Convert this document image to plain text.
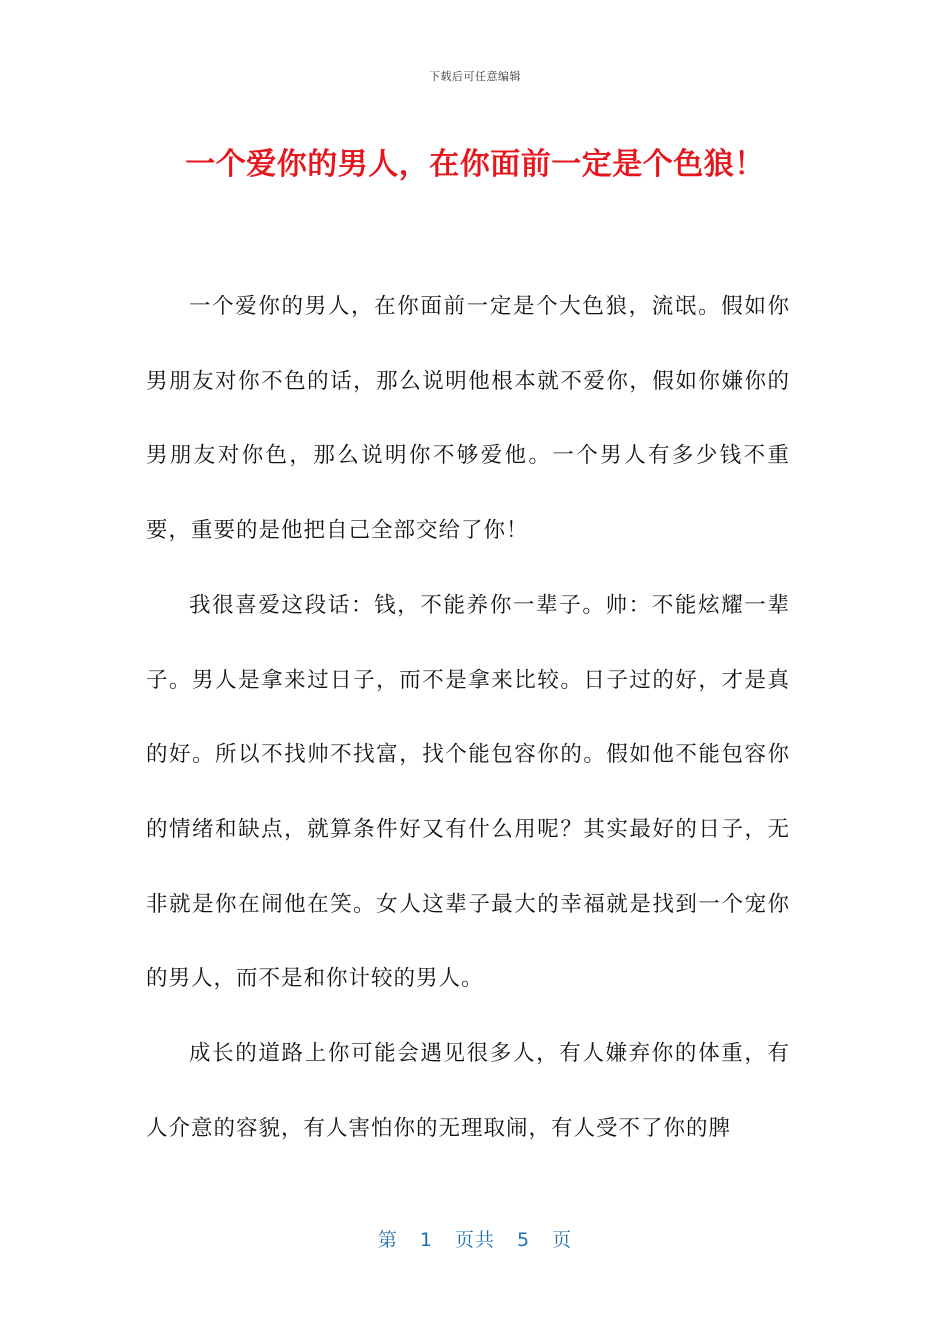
下载后可任意编辑
一个爱你的男人，在你面前一定是个色狼！

一个爱你的男人，在你面前一定是个大色狼，流氓。假如你男朋友对你不色的话，那么说明他根本就不爱你，假如你嫌你的男朋友对你色，那么说明你不够爱他。一个男人有多少钱不重要，重要的是他把自己全部交给了你！

我很喜爱这段话：钱，不能养你一辈子。帅：不能炫耀一辈子。男人是拿来过日子，而不是拿来比较。日子过的好，才是真的好。所以不找帅不找富，找个能包容你的。假如他不能包容你的情绪和缺点，就算条件好又有什么用呢？其实最好的日子，无非就是你在闹他在笑。女人这辈子最大的幸福就是找到一个宠你的男人，而不是和你计较的男人。

成长的道路上你可能会遇见很多人，有人嫌弃你的体重，有人介意的容貌，有人害怕你的无理取闹，有人受不了你的脾

第 1 页共 5 页
